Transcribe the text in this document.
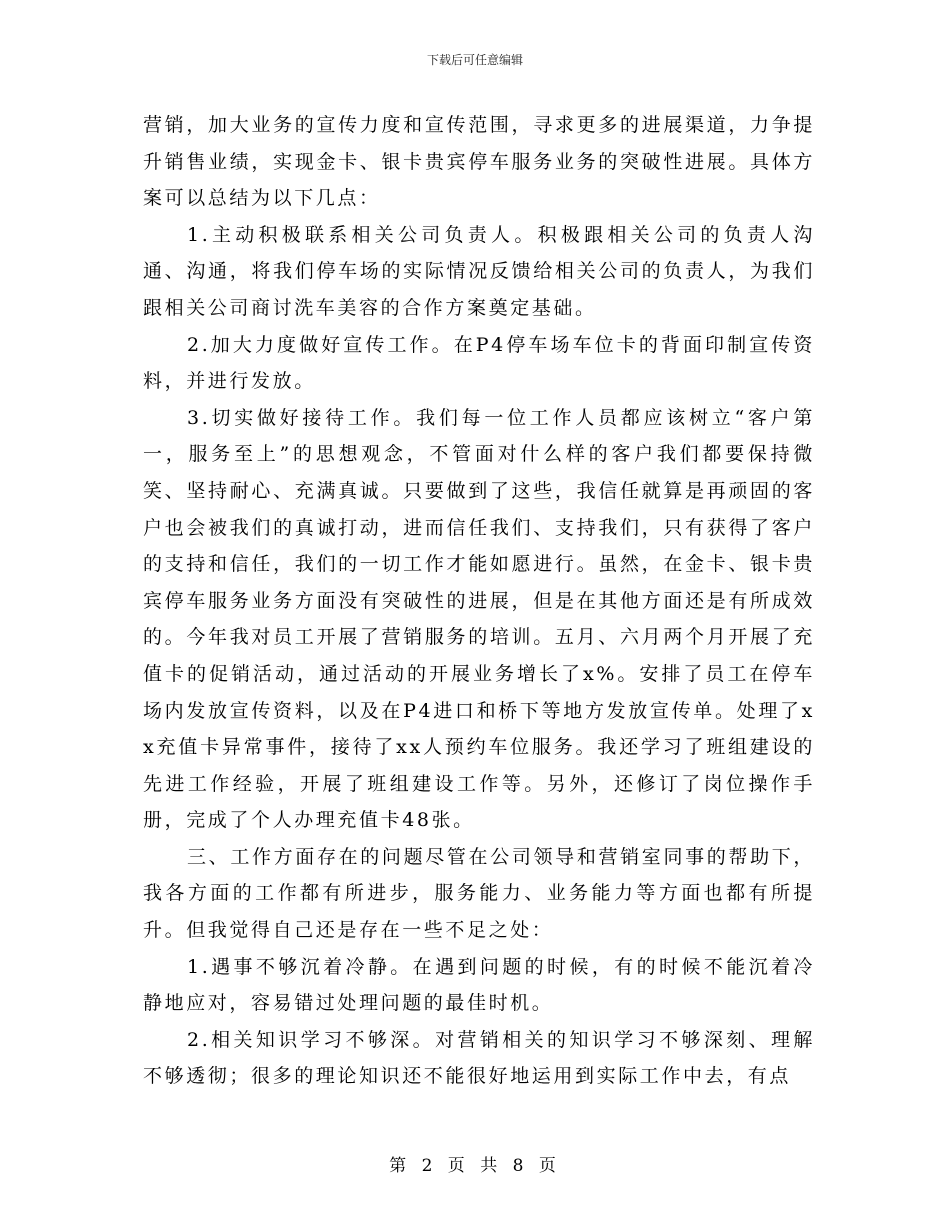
下载后可任意编辑

营销，加大业务的宣传力度和宣传范围，寻求更多的进展渠道，力争提升销售业绩，实现金卡、银卡贵宾停车服务业务的突破性进展。具体方案可以总结为以下几点：

1.主动积极联系相关公司负责人。积极跟相关公司的负责人沟通、沟通，将我们停车场的实际情况反馈给相关公司的负责人，为我们跟相关公司商讨洗车美容的合作方案奠定基础。

2.加大力度做好宣传工作。在P4停车场车位卡的背面印制宣传资料，并进行发放。

3.切实做好接待工作。我们每一位工作人员都应该树立“客户第一，服务至上”的思想观念，不管面对什么样的客户我们都要保持微笑、坚持耐心、充满真诚。只要做到了这些，我信任就算是再顽固的客户也会被我们的真诚打动，进而信任我们、支持我们，只有获得了客户的支持和信任，我们的一切工作才能如愿进行。虽然，在金卡、银卡贵宾停车服务业务方面没有突破性的进展，但是在其他方面还是有所成效的。今年我对员工开展了营销服务的培训。五月、六月两个月开展了充值卡的促销活动，通过活动的开展业务增长了x%。安排了员工在停车场内发放宣传资料，以及在P4进口和桥下等地方发放宣传单。处理了xx充值卡异常事件，接待了xx人预约车位服务。我还学习了班组建设的先进工作经验，开展了班组建设工作等。另外，还修订了岗位操作手册，完成了个人办理充值卡48张。

三、工作方面存在的问题尽管在公司领导和营销室同事的帮助下，我各方面的工作都有所进步，服务能力、业务能力等方面也都有所提升。但我觉得自己还是存在一些不足之处：

1.遇事不够沉着冷静。在遇到问题的时候，有的时候不能沉着冷静地应对，容易错过处理问题的最佳时机。

2.相关知识学习不够深。对营销相关的知识学习不够深刻、理解不够透彻；很多的理论知识还不能很好地运用到实际工作中去，有点

第 2 页 共 8 页
